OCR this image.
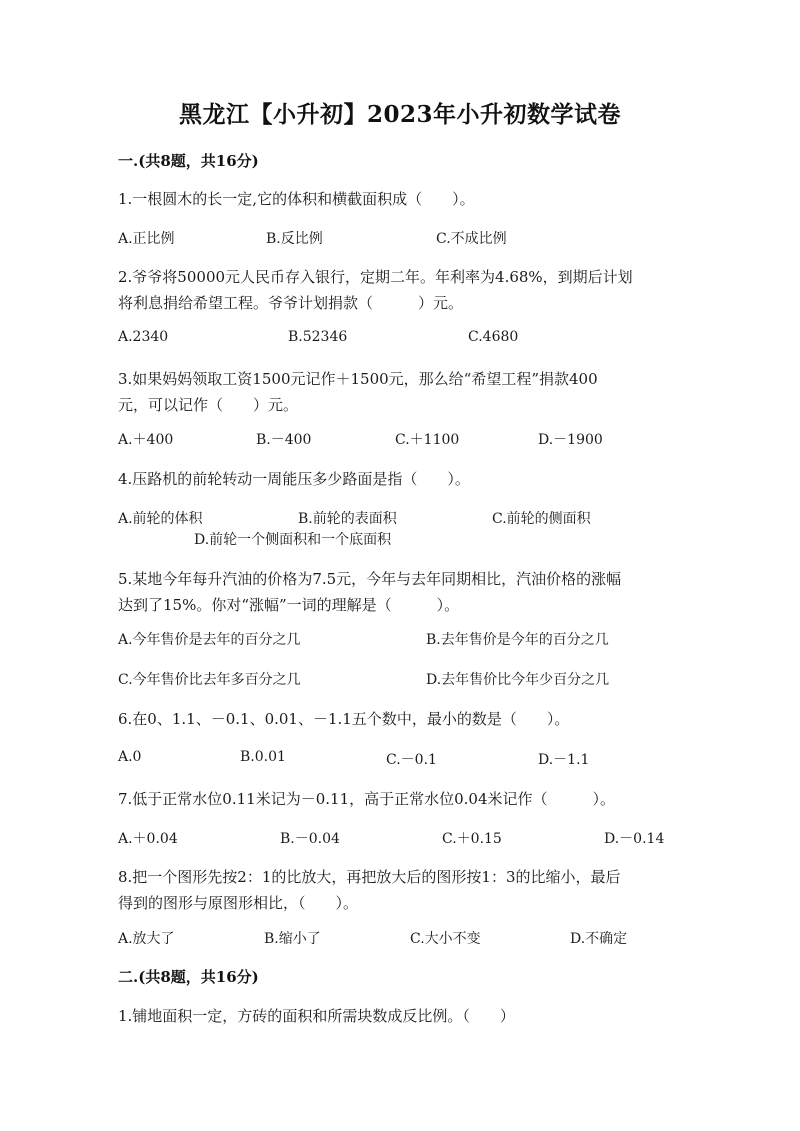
黑龙江【小升初】2023年小升初数学试卷
一.(共8题，共16分)
1.一根圆木的长一定,它的体积和横截面积成（　　）。
A.正比例	B.反比例	C.不成比例
2.爷爷将50000元人民币存入银行，定期二年。年利率为4.68%，到期后计划
将利息捐给希望工程。爷爷计划捐款（　　　）元。
A.2340	B.52346	C.4680
3.如果妈妈领取工资1500元记作＋1500元，那么给“希望工程”捐款400
元，可以记作（　　）元。
A.＋400	B.－400	C.＋1100	D.－1900
4.压路机的前轮转动一周能压多少路面是指（　　）。
A.前轮的体积	B.前轮的表面积	C.前轮的侧面积
D.前轮一个侧面积和一个底面积
5.某地今年每升汽油的价格为7.5元，今年与去年同期相比，汽油价格的涨幅
达到了15%。你对“涨幅”一词的理解是（　　　）。
A.今年售价是去年的百分之几	B.去年售价是今年的百分之几
C.今年售价比去年多百分之几	D.去年售价比今年少百分之几
6.在0、1.1、－0.1、0.01、－1.1五个数中，最小的数是（　　）。
A.0	B.0.01	C.－0.1	D.－1.1
7.低于正常水位0.11米记为－0.11，高于正常水位0.04米记作（　　　）。
A.＋0.04	B.－0.04	C.＋0.15	D.－0.14
8.把一个图形先按2：1的比放大，再把放大后的图形按1：3的比缩小，最后
得到的图形与原图形相比，（　　）。
A.放大了	B.缩小了	C.大小不变	D.不确定
二.(共8题，共16分)
1.铺地面积一定，方砖的面积和所需块数成反比例。（　　）
